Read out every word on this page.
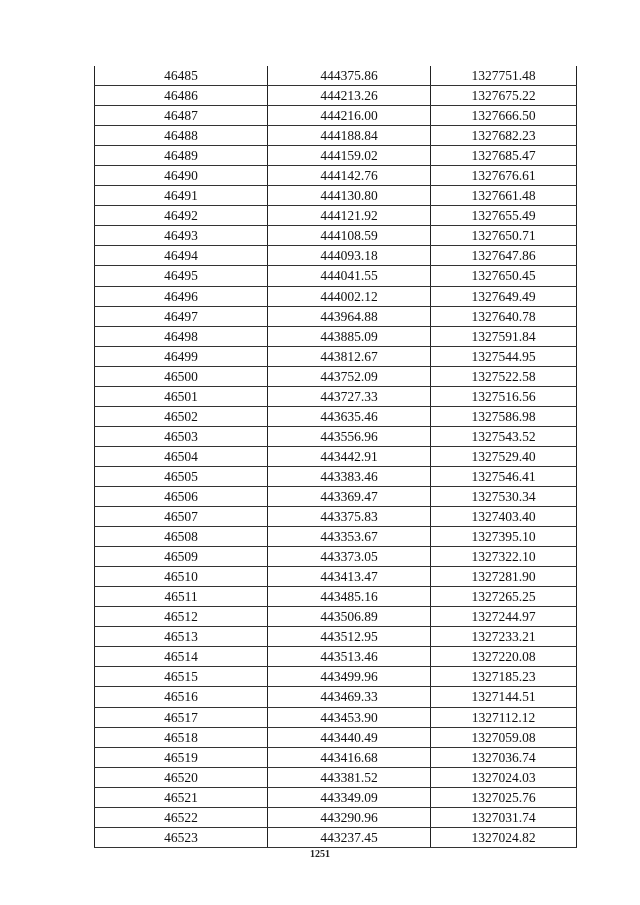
46485	444375.86	1327751.48
46486	444213.26	1327675.22
46487	444216.00	1327666.50
46488	444188.84	1327682.23
46489	444159.02	1327685.47
46490	444142.76	1327676.61
46491	444130.80	1327661.48
46492	444121.92	1327655.49
46493	444108.59	1327650.71
46494	444093.18	1327647.86
46495	444041.55	1327650.45
46496	444002.12	1327649.49
46497	443964.88	1327640.78
46498	443885.09	1327591.84
46499	443812.67	1327544.95
46500	443752.09	1327522.58
46501	443727.33	1327516.56
46502	443635.46	1327586.98
46503	443556.96	1327543.52
46504	443442.91	1327529.40
46505	443383.46	1327546.41
46506	443369.47	1327530.34
46507	443375.83	1327403.40
46508	443353.67	1327395.10
46509	443373.05	1327322.10
46510	443413.47	1327281.90
46511	443485.16	1327265.25
46512	443506.89	1327244.97
46513	443512.95	1327233.21
46514	443513.46	1327220.08
46515	443499.96	1327185.23
46516	443469.33	1327144.51
46517	443453.90	1327112.12
46518	443440.49	1327059.08
46519	443416.68	1327036.74
46520	443381.52	1327024.03
46521	443349.09	1327025.76
46522	443290.96	1327031.74
46523	443237.45	1327024.82
1251
